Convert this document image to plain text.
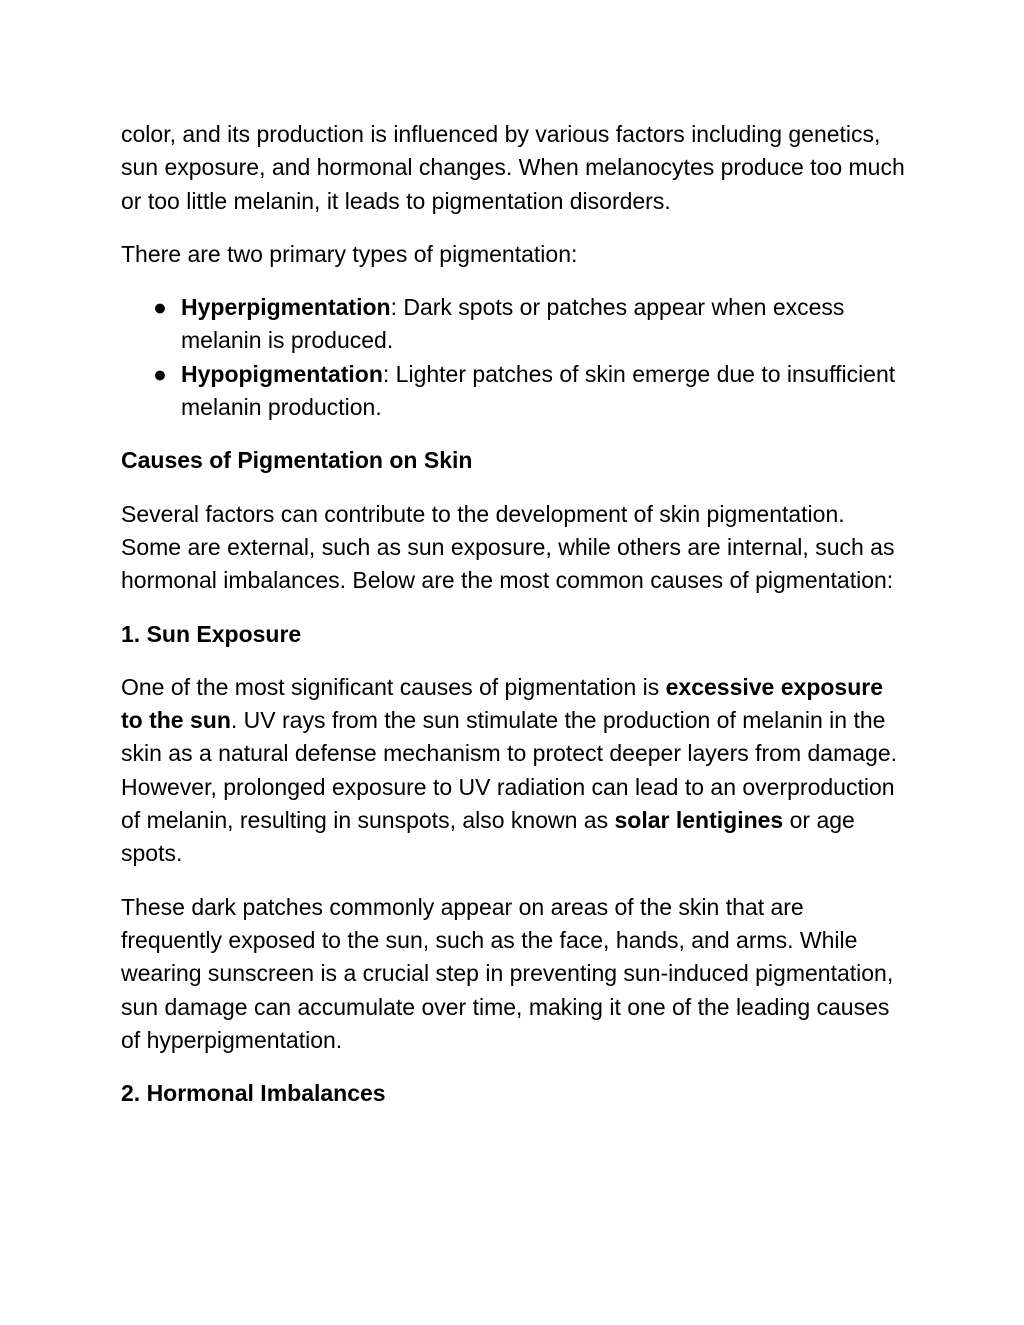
color, and its production is influenced by various factors including genetics, sun exposure, and hormonal changes. When melanocytes produce too much or too little melanin, it leads to pigmentation disorders.

There are two primary types of pigmentation:

● Hyperpigmentation: Dark spots or patches appear when excess melanin is produced.
● Hypopigmentation: Lighter patches of skin emerge due to insufficient melanin production.
Causes of Pigmentation on Skin

Several factors can contribute to the development of skin pigmentation. Some are external, such as sun exposure, while others are internal, such as hormonal imbalances. Below are the most common causes of pigmentation:

1. Sun Exposure

One of the most significant causes of pigmentation is excessive exposure to the sun. UV rays from the sun stimulate the production of melanin in the skin as a natural defense mechanism to protect deeper layers from damage. However, prolonged exposure to UV radiation can lead to an overproduction of melanin, resulting in sunspots, also known as solar lentigines or age spots.

These dark patches commonly appear on areas of the skin that are frequently exposed to the sun, such as the face, hands, and arms. While wearing sunscreen is a crucial step in preventing sun-induced pigmentation, sun damage can accumulate over time, making it one of the leading causes of hyperpigmentation.

2. Hormonal Imbalances
